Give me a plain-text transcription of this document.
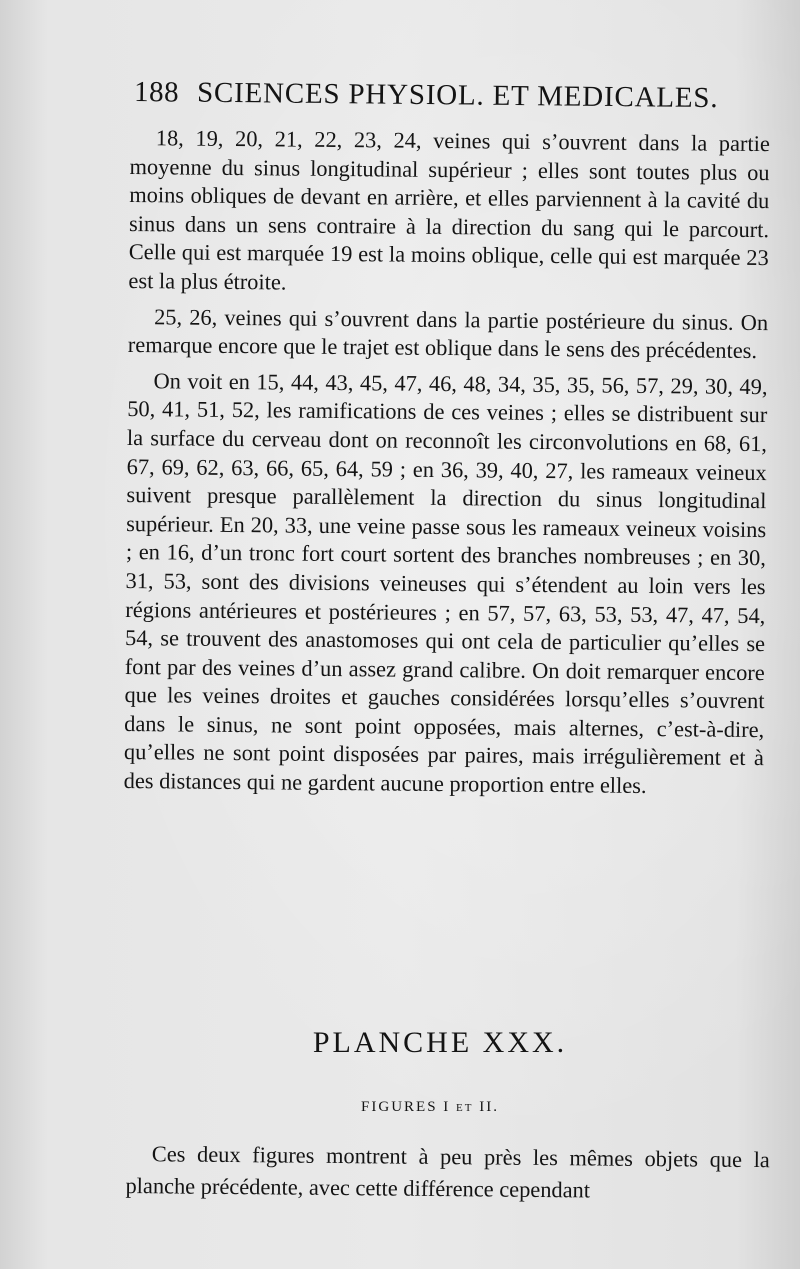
188 SCIENCES PHYSIOL. ET MEDICALES.

18, 19, 20, 21, 22, 23, 24, veines qui s’ouvrent dans la partie moyenne du sinus longitudinal supérieur ; elles sont toutes plus ou moins obliques de devant en arrière, et elles parviennent à la cavité du sinus dans un sens contraire à la direction du sang qui le parcourt. Celle qui est marquée 19 est la moins oblique, celle qui est marquée 23 est la plus étroite.

25, 26, veines qui s’ouvrent dans la partie postérieure du sinus. On remarque encore que le trajet est oblique dans le sens des précédentes.

On voit en 15, 44, 43, 45, 47, 46, 48, 34, 35, 35, 56, 57, 29, 30, 49, 50, 41, 51, 52, les ramifications de ces veines ; elles se distribuent sur la surface du cerveau dont on reconnoît les circonvolutions en 68, 61, 67, 69, 62, 63, 66, 65, 64, 59 ; en 36, 39, 40, 27, les rameaux veineux suivent presque parallèlement la direction du sinus longitudinal supérieur. En 20, 33, une veine passe sous les rameaux veineux voisins ; en 16, d’un tronc fort court sortent des branches nombreuses ; en 30, 31, 53, sont des divisions veineuses qui s’étendent au loin vers les régions antérieures et postérieures ; en 57, 57, 63, 53, 53, 47, 47, 54, 54, se trouvent des anastomoses qui ont cela de particulier qu’elles se font par des veines d’un assez grand calibre. On doit remarquer encore que les veines droites et gauches considérées lorsqu’elles s’ouvrent dans le sinus, ne sont point opposées, mais alternes, c’est-à-dire, qu’elles ne sont point disposées par paires, mais irrégulièrement et à des distances qui ne gardent aucune proportion entre elles.

PLANCHE XXX.
FIGURES I et II.

Ces deux figures montrent à peu près les mêmes objets que la planche précédente, avec cette différence cependant
